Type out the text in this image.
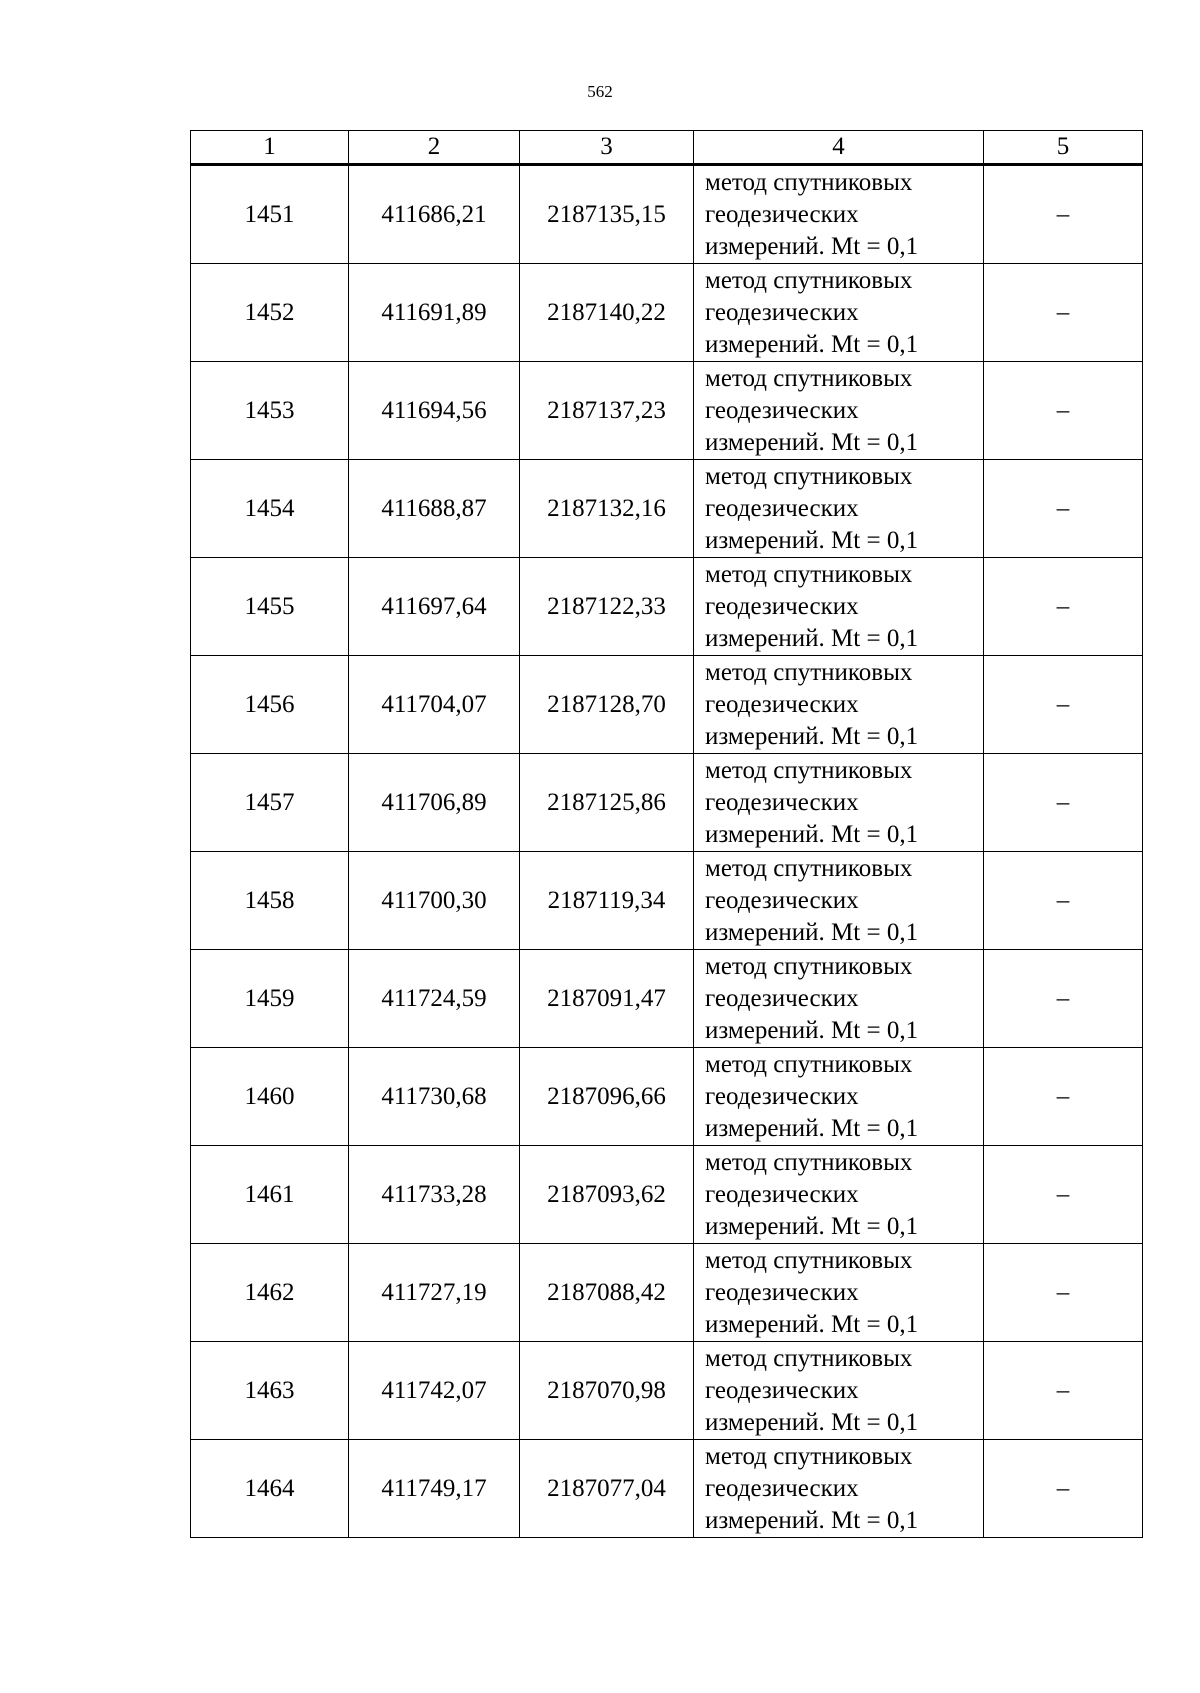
562
1	2	3	4	5
1451	411686,21	2187135,15	метод спутниковых
геодезических
измерений. Mt = 0,1	–
1452	411691,89	2187140,22	метод спутниковых
геодезических
измерений. Mt = 0,1	–
1453	411694,56	2187137,23	метод спутниковых
геодезических
измерений. Mt = 0,1	–
1454	411688,87	2187132,16	метод спутниковых
геодезических
измерений. Mt = 0,1	–
1455	411697,64	2187122,33	метод спутниковых
геодезических
измерений. Mt = 0,1	–
1456	411704,07	2187128,70	метод спутниковых
геодезических
измерений. Mt = 0,1	–
1457	411706,89	2187125,86	метод спутниковых
геодезических
измерений. Mt = 0,1	–
1458	411700,30	2187119,34	метод спутниковых
геодезических
измерений. Mt = 0,1	–
1459	411724,59	2187091,47	метод спутниковых
геодезических
измерений. Mt = 0,1	–
1460	411730,68	2187096,66	метод спутниковых
геодезических
измерений. Mt = 0,1	–
1461	411733,28	2187093,62	метод спутниковых
геодезических
измерений. Mt = 0,1	–
1462	411727,19	2187088,42	метод спутниковых
геодезических
измерений. Mt = 0,1	–
1463	411742,07	2187070,98	метод спутниковых
геодезических
измерений. Mt = 0,1	–
1464	411749,17	2187077,04	метод спутниковых
геодезических
измерений. Mt = 0,1	–
